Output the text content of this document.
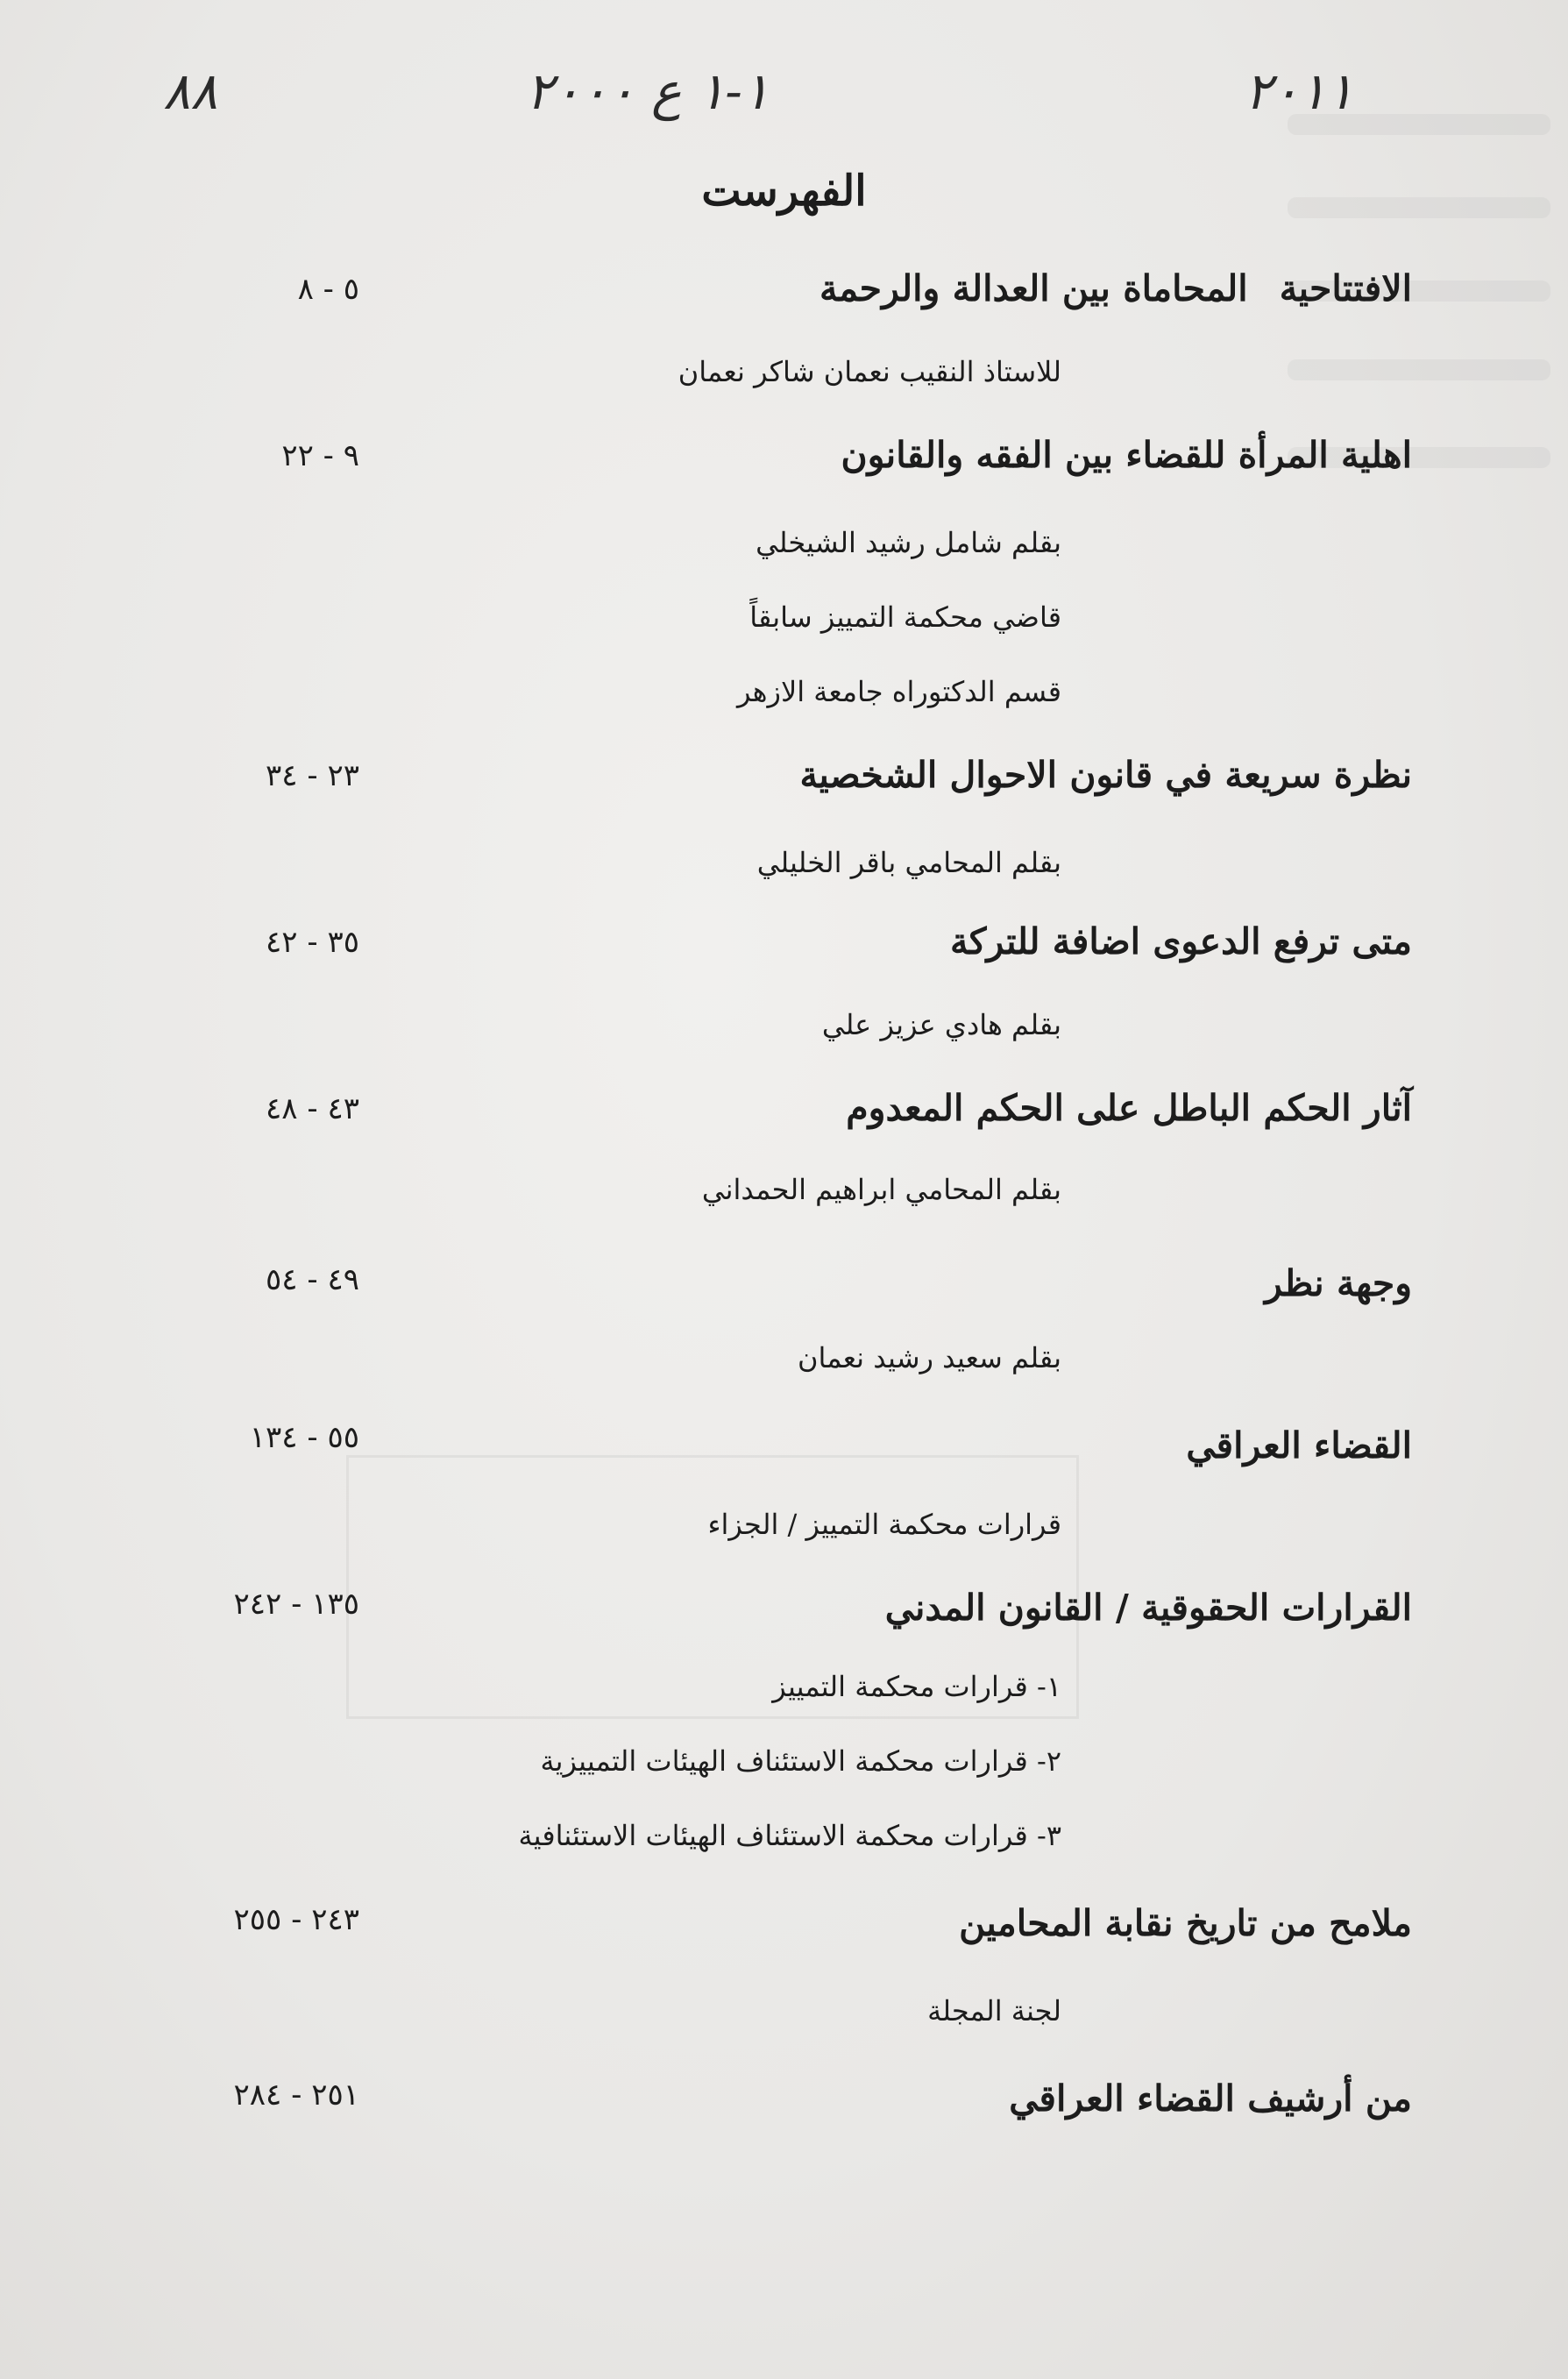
٨٨	١-١ ع ٢٠٠٠	٢٠١١
الفهرست
الافتتاحيةالمحاماة بين العدالة والرحمة
٥ - ٨
للاستاذ النقيب نعمان شاكر نعمان
اهلية المرأة للقضاء بين الفقه والقانون
٩ - ٢٢
بقلم شامل رشيد الشيخلي
قاضي محكمة التمييز سابقاً
قسم الدكتوراه جامعة الازهر
نظرة سريعة في قانون الاحوال الشخصية
٢٣ - ٣٤
بقلم المحامي باقر الخليلي
متى ترفع الدعوى اضافة للتركة
٣٥ - ٤٢
بقلم هادي عزيز علي
آثار الحكم الباطل على الحكم المعدوم
٤٣ - ٤٨
بقلم المحامي ابراهيم الحمداني
وجهة نظر
٤٩ - ٥٤
بقلم سعيد رشيد نعمان
القضاء العراقي
٥٥ - ١٣٤
قرارات محكمة التمييز / الجزاء
القرارات الحقوقية / القانون المدني
١٣٥ - ٢٤٢
١- قرارات محكمة التمييز
٢- قرارات محكمة الاستئناف الهيئات التمييزية
٣- قرارات محكمة الاستئناف الهيئات الاستئنافية
ملامح من تاريخ نقابة المحامين
٢٤٣ - ٢٥٥
لجنة المجلة
من أرشيف القضاء العراقي
٢٥١ - ٢٨٤
